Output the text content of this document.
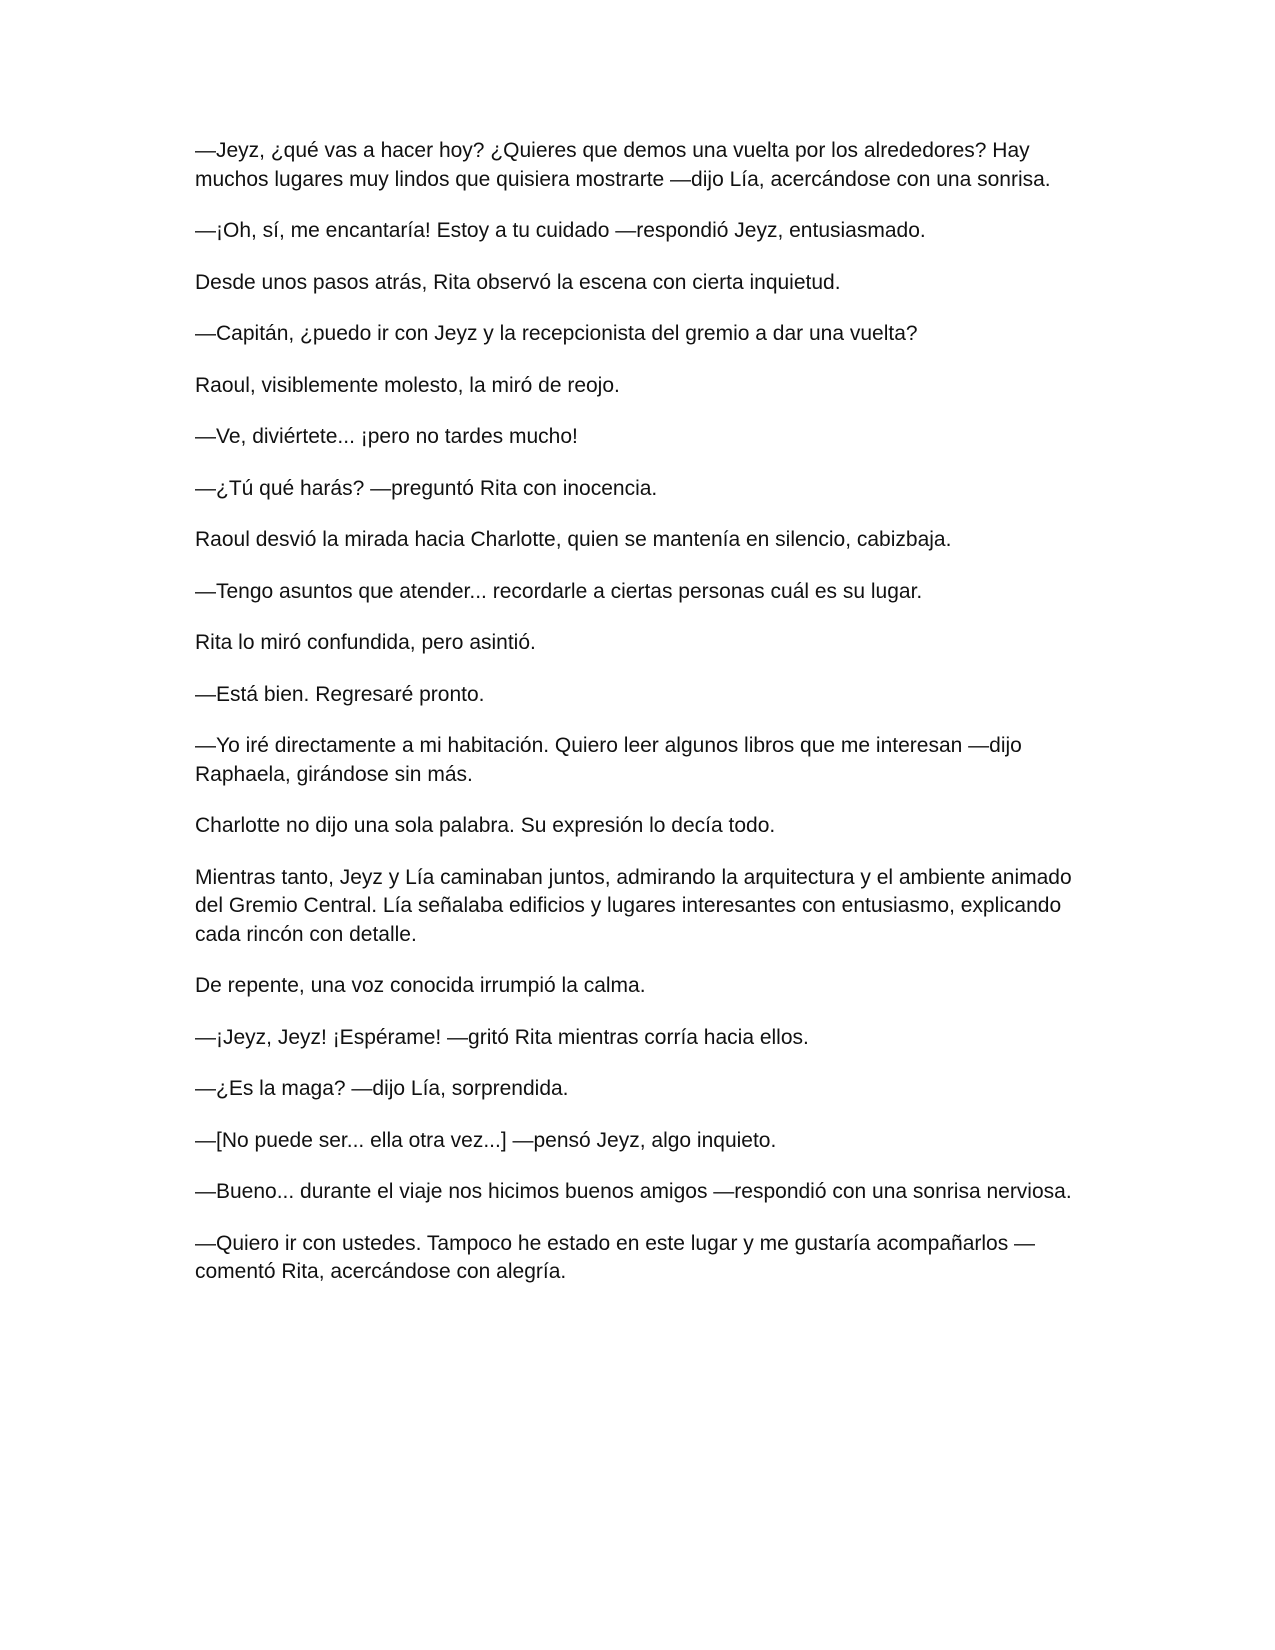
—Jeyz, ¿qué vas a hacer hoy? ¿Quieres que demos una vuelta por los alrededores? Hay muchos lugares muy lindos que quisiera mostrarte —dijo Lía, acercándose con una sonrisa.

—¡Oh, sí, me encantaría! Estoy a tu cuidado —respondió Jeyz, entusiasmado.

Desde unos pasos atrás, Rita observó la escena con cierta inquietud.

—Capitán, ¿puedo ir con Jeyz y la recepcionista del gremio a dar una vuelta?

Raoul, visiblemente molesto, la miró de reojo.

—Ve, diviértete... ¡pero no tardes mucho!

—¿Tú qué harás? —preguntó Rita con inocencia.

Raoul desvió la mirada hacia Charlotte, quien se mantenía en silencio, cabizbaja.

—Tengo asuntos que atender... recordarle a ciertas personas cuál es su lugar.

Rita lo miró confundida, pero asintió.

—Está bien. Regresaré pronto.

—Yo iré directamente a mi habitación. Quiero leer algunos libros que me interesan —dijo Raphaela, girándose sin más.

Charlotte no dijo una sola palabra. Su expresión lo decía todo.

Mientras tanto, Jeyz y Lía caminaban juntos, admirando la arquitectura y el ambiente animado del Gremio Central. Lía señalaba edificios y lugares interesantes con entusiasmo, explicando cada rincón con detalle.

De repente, una voz conocida irrumpió la calma.

—¡Jeyz, Jeyz! ¡Espérame! —gritó Rita mientras corría hacia ellos.

—¿Es la maga? —dijo Lía, sorprendida.

—[No puede ser... ella otra vez...] —pensó Jeyz, algo inquieto.

—Bueno... durante el viaje nos hicimos buenos amigos —respondió con una sonrisa nerviosa.

—Quiero ir con ustedes. Tampoco he estado en este lugar y me gustaría acompañarlos —comentó Rita, acercándose con alegría.
